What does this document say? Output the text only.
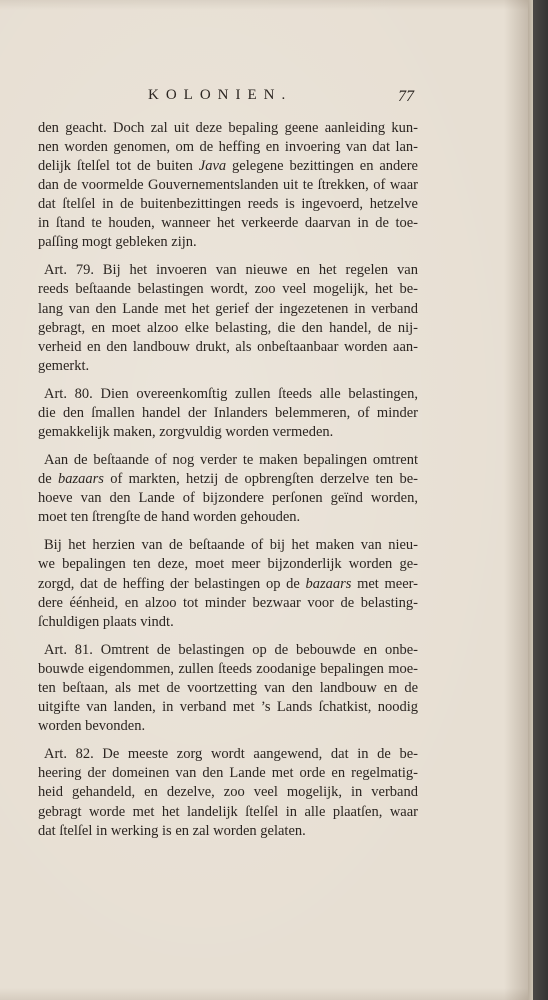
KOLONIEN.	77
den geacht. Doch zal uit deze bepaling geene aanleiding kun-
nen worden genomen, om de heffing en invoering van dat lan-
delijk ſtelſel tot de buiten Java gelegene bezittingen en andere
dan de voormelde Gouvernementslanden uit te ſtrekken, of waar
dat ſtelſel in de buitenbezittingen reeds is ingevoerd, hetzelve
in ſtand te houden, wanneer het verkeerde daarvan in de toe-
paſſing mogt gebleken zijn.
Art. 79. Bij het invoeren van nieuwe en het regelen van
reeds beſtaande belastingen wordt, zoo veel mogelijk, het be-
lang van den Lande met het gerief der ingezetenen in verband
gebragt, en moet alzoo elke belasting, die den handel, de nij-
verheid en den landbouw drukt, als onbeſtaanbaar worden aan-
gemerkt.
Art. 80. Dien overeenkomſtig zullen ſteeds alle belastingen,
die den ſmallen handel der Inlanders belemmeren, of minder
gemakkelijk maken, zorgvuldig worden vermeden.
Aan de beſtaande of nog verder te maken bepalingen omtrent
de bazaars of markten, hetzij de opbrengſten derzelve ten be-
hoeve van den Lande of bijzondere perſonen geïnd worden,
moet ten ſtrengſte de hand worden gehouden.
Bij het herzien van de beſtaande of bij het maken van nieu-
we bepalingen ten deze, moet meer bijzonderlijk worden ge-
zorgd, dat de heffing der belastingen op de bazaars met meer-
dere éénheid, en alzoo tot minder bezwaar voor de belasting-
ſchuldigen plaats vindt.
Art. 81. Omtrent de belastingen op de bebouwde en onbe-
bouwde eigendommen, zullen ſteeds zoodanige bepalingen moe-
ten beſtaan, als met de voortzetting van den landbouw en de
uitgifte van landen, in verband met ’s Lands ſchatkist, noodig
worden bevonden.
Art. 82. De meeste zorg wordt aangewend, dat in de be-
heering der domeinen van den Lande met orde en regelmatig-
heid gehandeld, en dezelve, zoo veel mogelijk, in verband
gebragt worde met het landelijk ſtelſel in alle plaatſen, waar
dat ſtelſel in werking is en zal worden gelaten.
